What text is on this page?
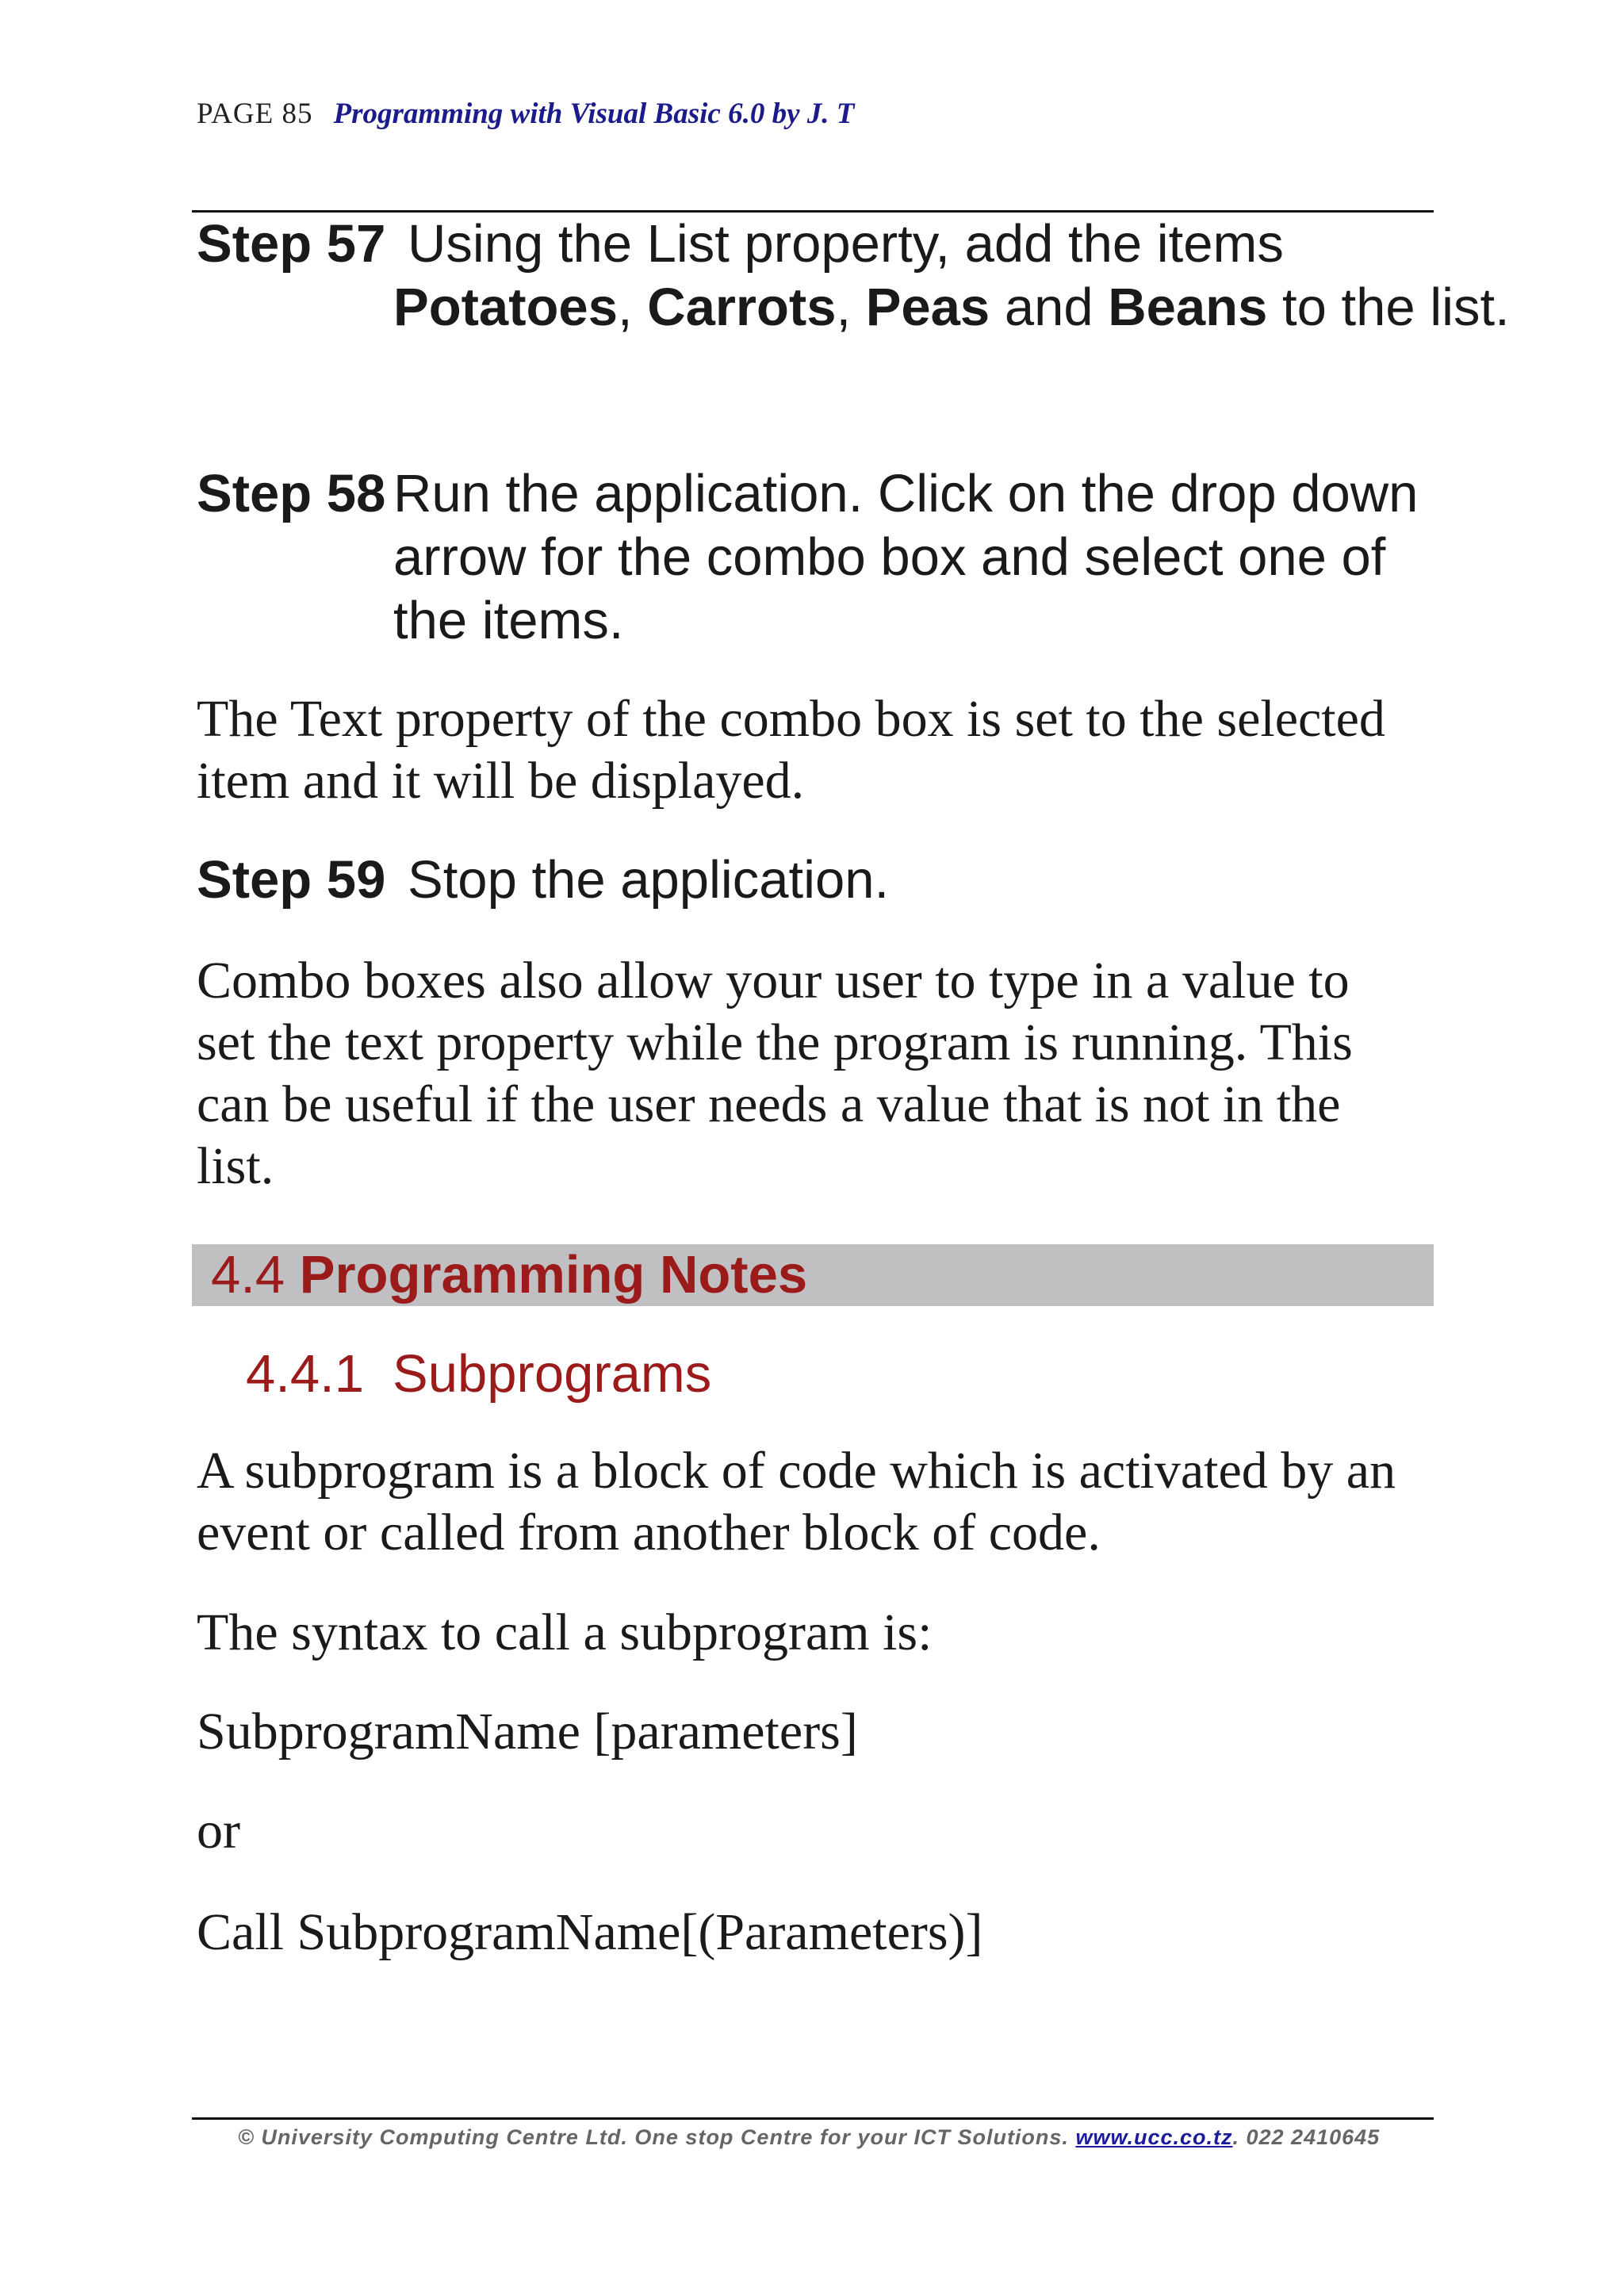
PAGE 85 Programming with Visual Basic 6.0 by J. T
Step 57 Using the List property, add the items
Potatoes, Carrots, Peas and Beans to the list.
Step 58 Run the application. Click on the drop down arrow for the combo box and select one of the items.
The Text property of the combo box is set to the selected item and it will be displayed.
Step 59 Stop the application.
Combo boxes also allow your user to type in a value to set the text property while the program is running. This can be useful if the user needs a value that is not in the list.
4.4 Programming Notes
4.4.1 Subprograms
A subprogram is a block of code which is activated by an event or called from another block of code.
The syntax to call a subprogram is:
SubprogramName [parameters]
or
Call SubprogramName[(Parameters)]
© University Computing Centre Ltd. One stop Centre for your ICT Solutions. www.ucc.co.tz. 022 2410645
